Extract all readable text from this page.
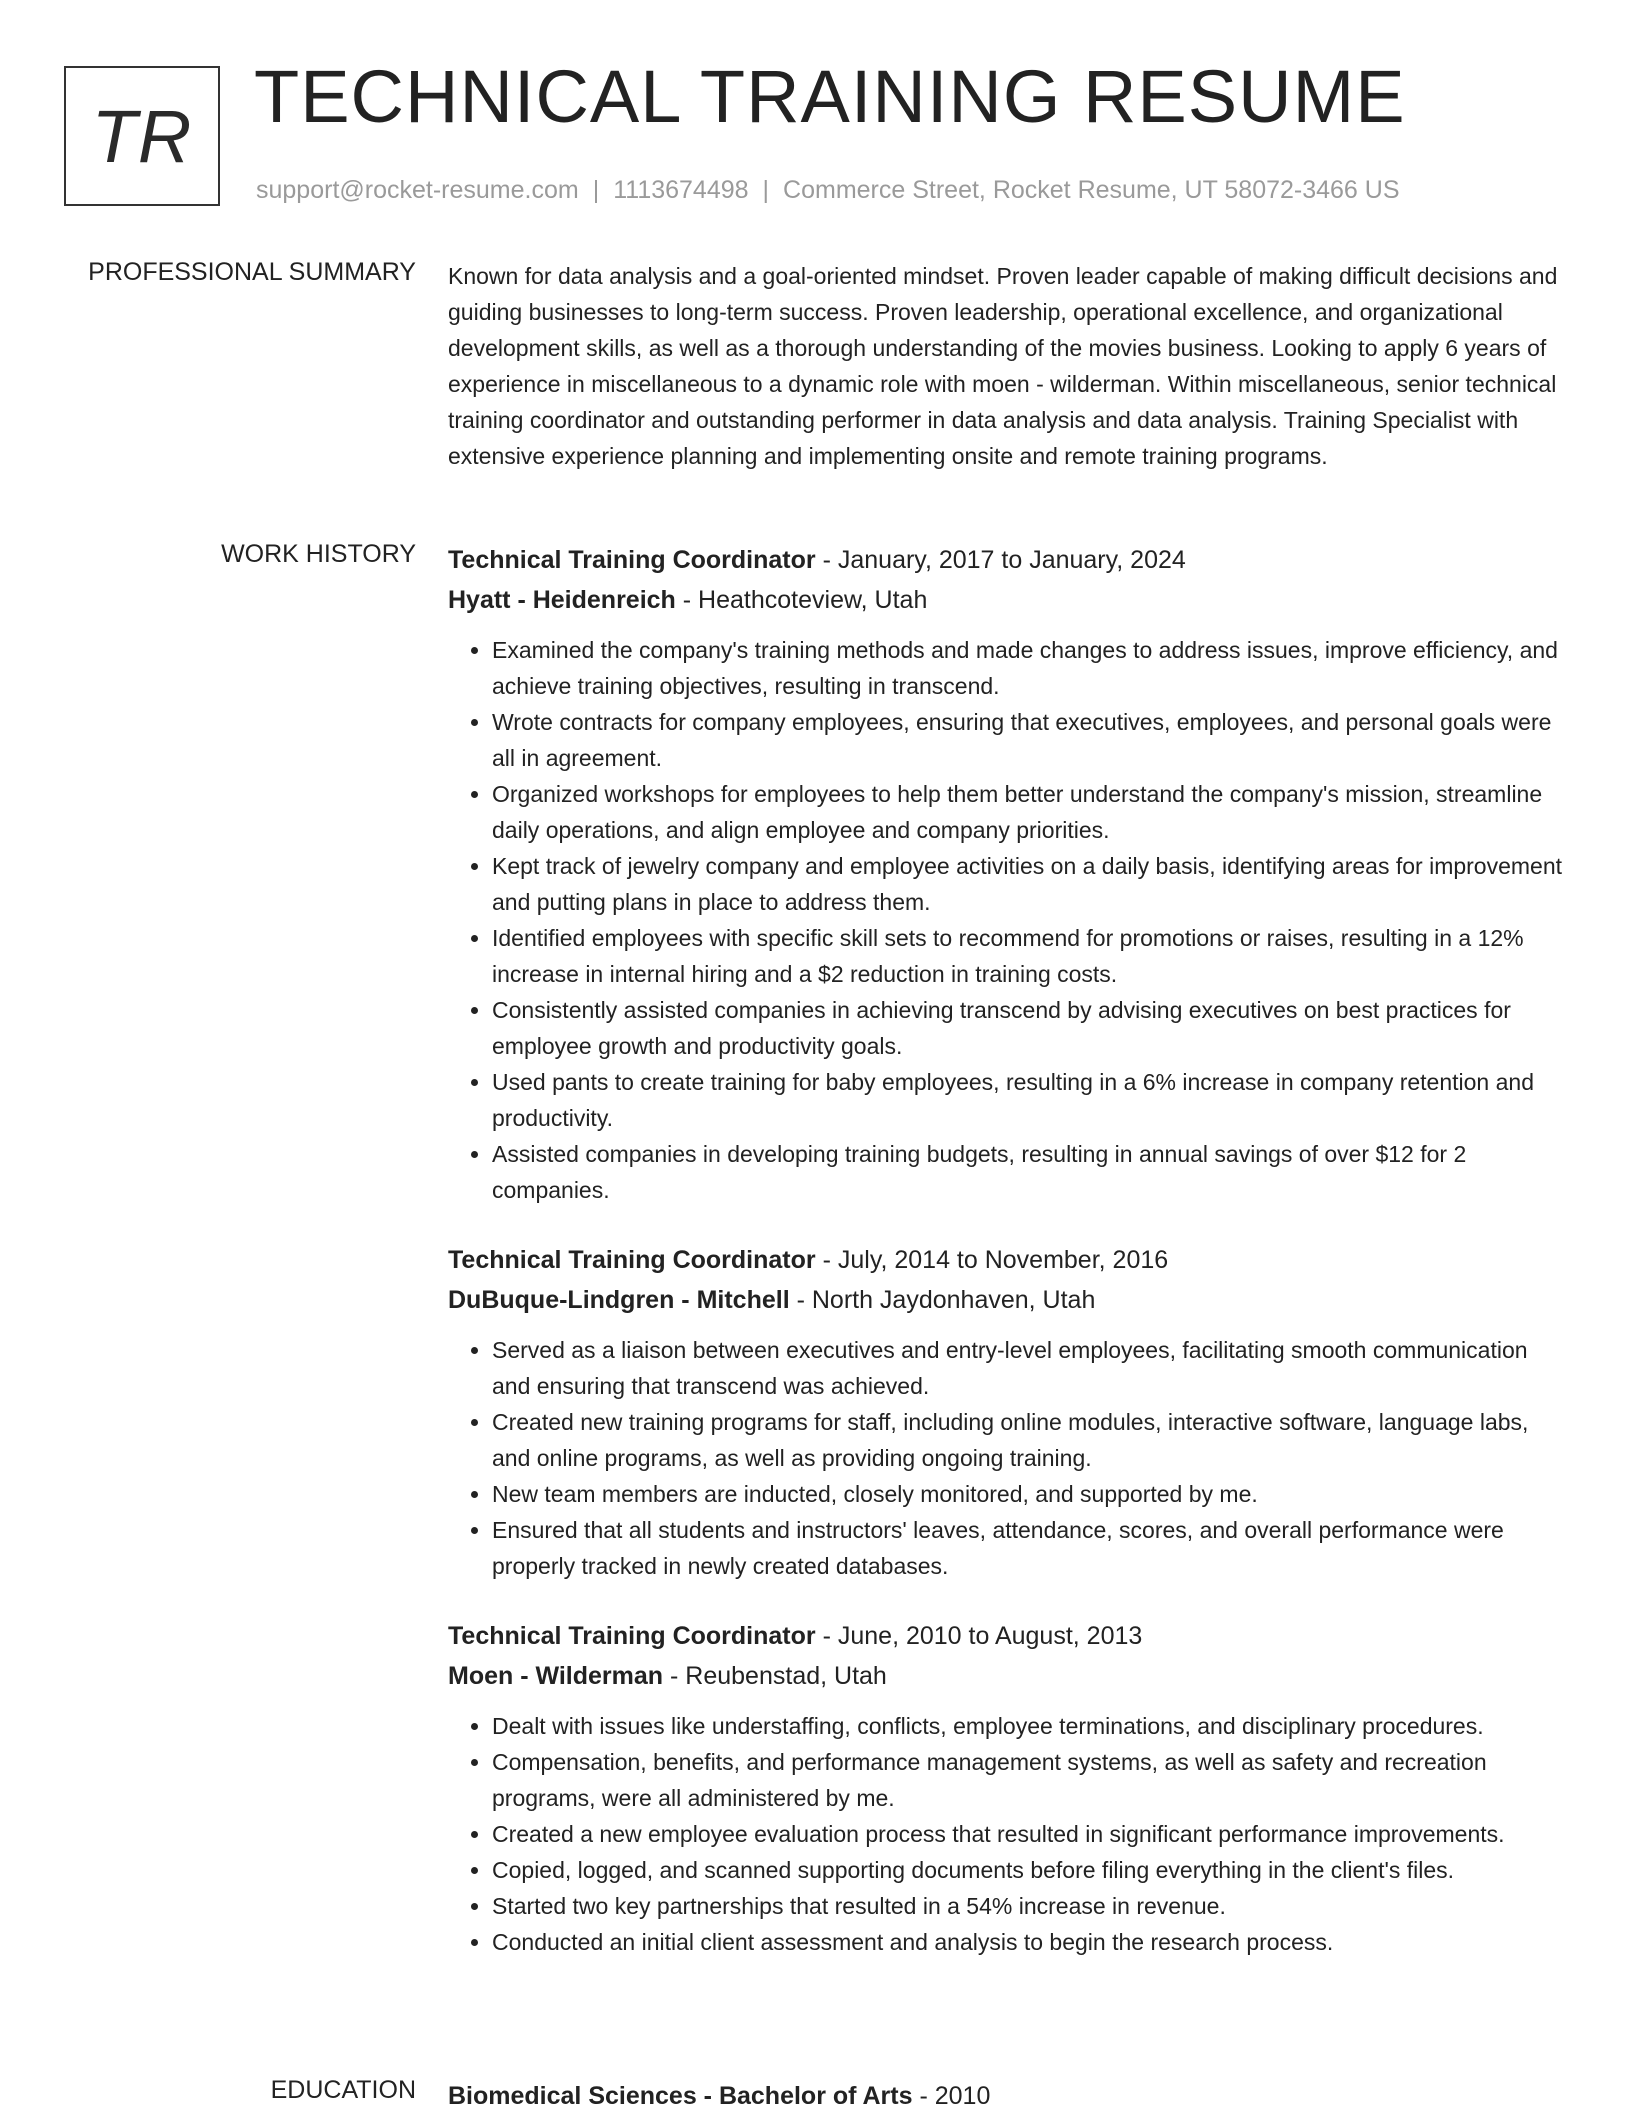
TR TECHNICAL TRAINING RESUME
support@rocket-resume.com | 1113674498 | Commerce Street, Rocket Resume, UT 58072-3466 US
PROFESSIONAL SUMMARY Known for data analysis and a goal-oriented mindset. Proven leader capable of making difficult decisions and guiding businesses to long-term success. Proven leadership, operational excellence, and organizational development skills, as well as a thorough understanding of the movies business. Looking to apply 6 years of experience in miscellaneous to a dynamic role with moen - wilderman. Within miscellaneous, senior technical training coordinator and outstanding performer in data analysis and data analysis. Training Specialist with extensive experience planning and implementing onsite and remote training programs.

WORK HISTORY Technical Training Coordinator - January, 2017 to January, 2024
Hyatt - Heidenreich - Heathcoteview, Utah
• Examined the company's training methods and made changes to address issues, improve efficiency, and achieve training objectives, resulting in transcend.
• Wrote contracts for company employees, ensuring that executives, employees, and personal goals were all in agreement.
• Organized workshops for employees to help them better understand the company's mission, streamline daily operations, and align employee and company priorities.
• Kept track of jewelry company and employee activities on a daily basis, identifying areas for improvement and putting plans in place to address them.
• Identified employees with specific skill sets to recommend for promotions or raises, resulting in a 12% increase in internal hiring and a $2 reduction in training costs.
• Consistently assisted companies in achieving transcend by advising executives on best practices for employee growth and productivity goals.
• Used pants to create training for baby employees, resulting in a 6% increase in company retention and productivity.
• Assisted companies in developing training budgets, resulting in annual savings of over $12 for 2 companies.
Technical Training Coordinator - July, 2014 to November, 2016
DuBuque-Lindgren - Mitchell - North Jaydonhaven, Utah
• Served as a liaison between executives and entry-level employees, facilitating smooth communication and ensuring that transcend was achieved.
• Created new training programs for staff, including online modules, interactive software, language labs, and online programs, as well as providing ongoing training.
• New team members are inducted, closely monitored, and supported by me.
• Ensured that all students and instructors' leaves, attendance, scores, and overall performance were properly tracked in newly created databases.
Technical Training Coordinator - June, 2010 to August, 2013
Moen - Wilderman - Reubenstad, Utah
• Dealt with issues like understaffing, conflicts, employee terminations, and disciplinary procedures.
• Compensation, benefits, and performance management systems, as well as safety and recreation programs, were all administered by me.
• Created a new employee evaluation process that resulted in significant performance improvements.
• Copied, logged, and scanned supporting documents before filing everything in the client's files.
• Started two key partnerships that resulted in a 54% increase in revenue.
• Conducted an initial client assessment and analysis to begin the research process.
EDUCATION Biomedical Sciences - Bachelor of Arts - 2010
